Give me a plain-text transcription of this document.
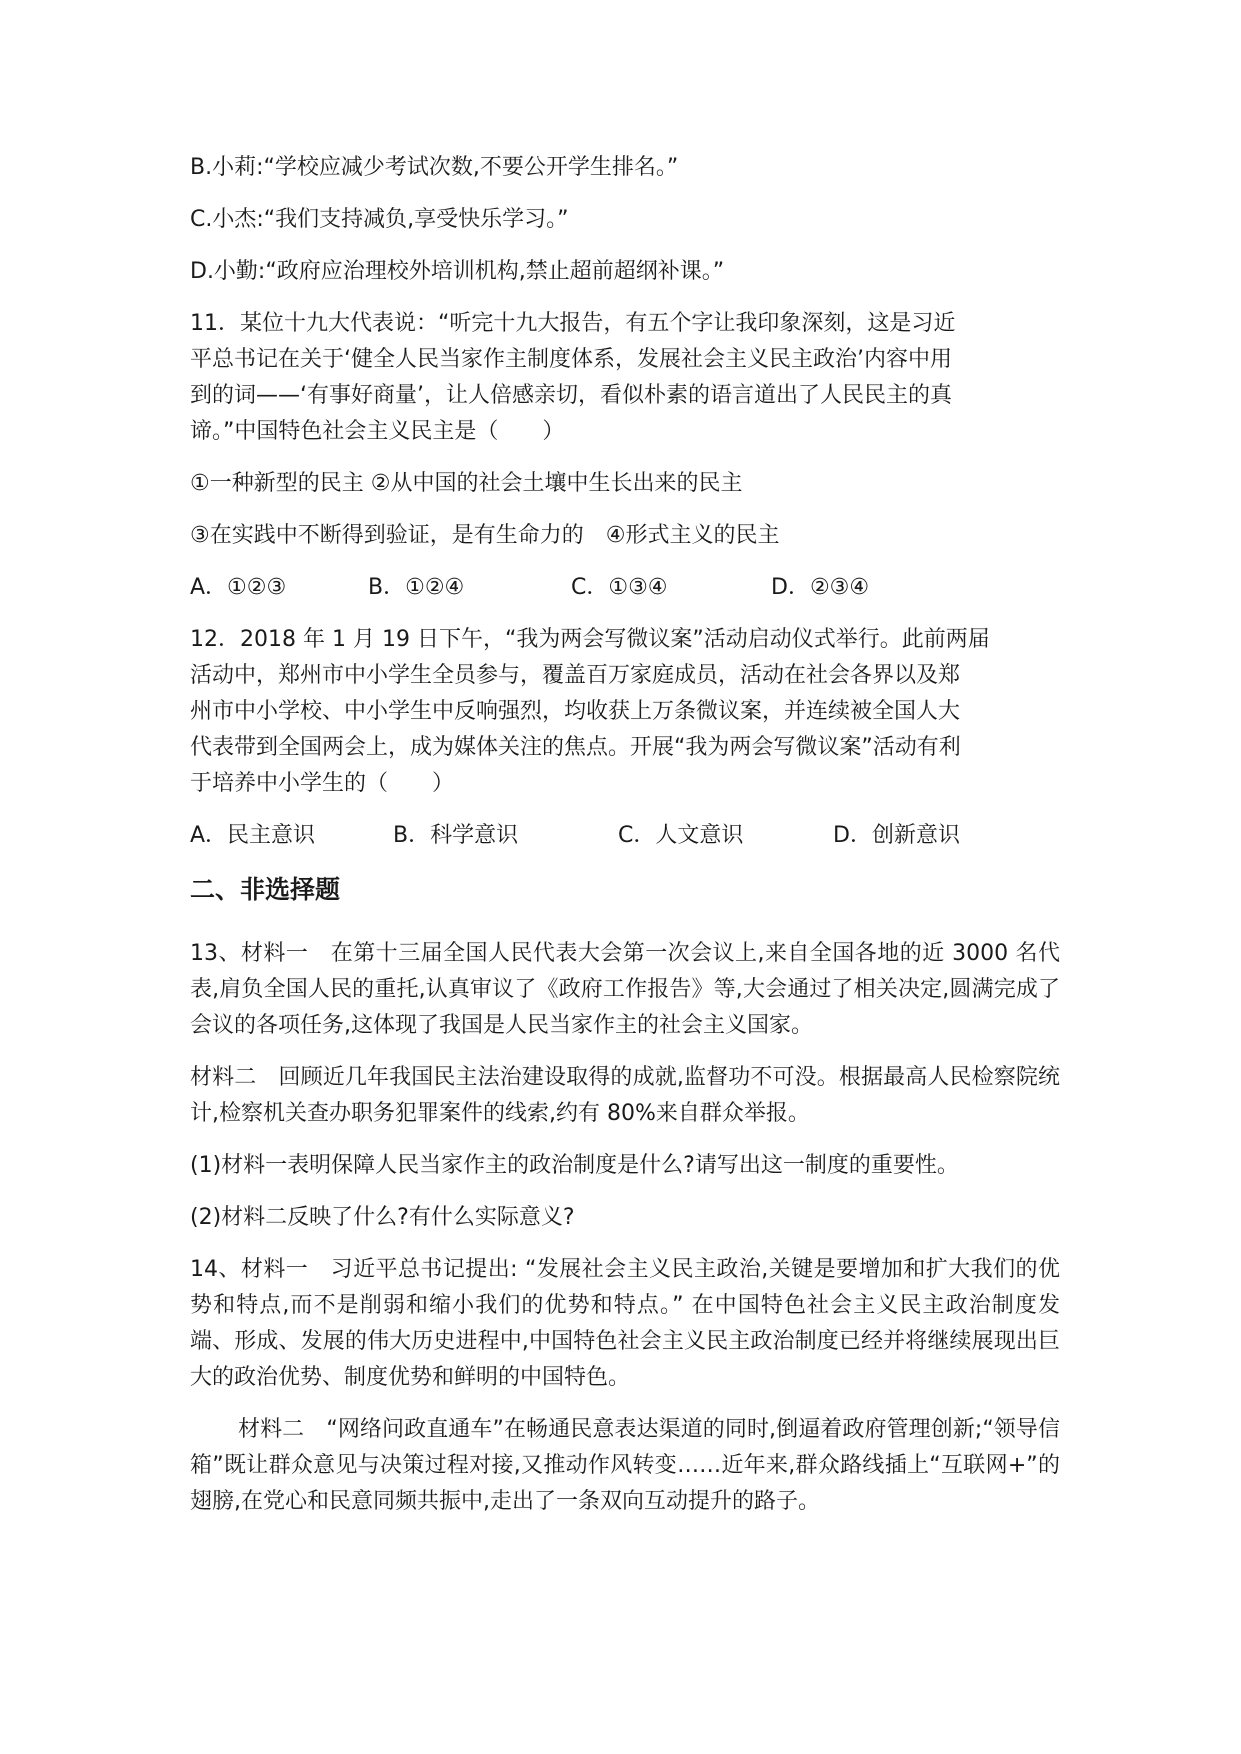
B.小莉:“学校应减少考试次数,不要公开学生排名。”
C.小杰:“我们支持减负,享受快乐学习。”
D.小勤:“政府应治理校外培训机构,禁止超前超纲补课。”
11．某位十九大代表说：“听完十九大报告，有五个字让我印象深刻，这是习近
平总书记在关于‘健全人民当家作主制度体系，发展社会主义民主政治’内容中用
到的词——‘有事好商量’，让人倍感亲切，看似朴素的语言道出了人民民主的真
谛。”中国特色社会主义民主是（　　）
①一种新型的民主 ②从中国的社会土壤中生长出来的民主
③在实践中不断得到验证，是有生命力的　④形式主义的民主
A．①②③	B．①②④	C．①③④	D．②③④
12．2018 年 1 月 19 日下午，“我为两会写微议案”活动启动仪式举行。此前两届
活动中，郑州市中小学生全员参与，覆盖百万家庭成员，活动在社会各界以及郑
州市中小学校、中小学生中反响强烈，均收获上万条微议案，并连续被全国人大
代表带到全国两会上，成为媒体关注的焦点。开展“我为两会写微议案”活动有利
于培养中小学生的（　　）
A．民主意识	B．科学意识	C．人文意识	D．创新意识
二、非选择题
13、材料一　在第十三届全国人民代表大会第一次会议上,来自全国各地的近 3000 名代表,肩负全国人民的重托,认真审议了《政府工作报告》等,大会通过了相关决定,圆满完成了会议的各项任务,这体现了我国是人民当家作主的社会主义国家。
材料二　回顾近几年我国民主法治建设取得的成就,监督功不可没。根据最高人民检察院统计,检察机关查办职务犯罪案件的线索,约有 80%来自群众举报。
(1)材料一表明保障人民当家作主的政治制度是什么?请写出这一制度的重要性。
(2)材料二反映了什么?有什么实际意义?
14、材料一　习近平总书记提出: “发展社会主义民主政治,关键是要增加和扩大我们的优势和特点,而不是削弱和缩小我们的优势和特点。” 在中国特色社会主义民主政治制度发端、形成、发展的伟大历史进程中,中国特色社会主义民主政治制度已经并将继续展现出巨大的政治优势、制度优势和鲜明的中国特色。
材料二　“网络问政直通车”在畅通民意表达渠道的同时,倒逼着政府管理创新;“领导信箱”既让群众意见与决策过程对接,又推动作风转变……近年来,群众路线插上“互联网+”的翅膀,在党心和民意同频共振中,走出了一条双向互动提升的路子。
